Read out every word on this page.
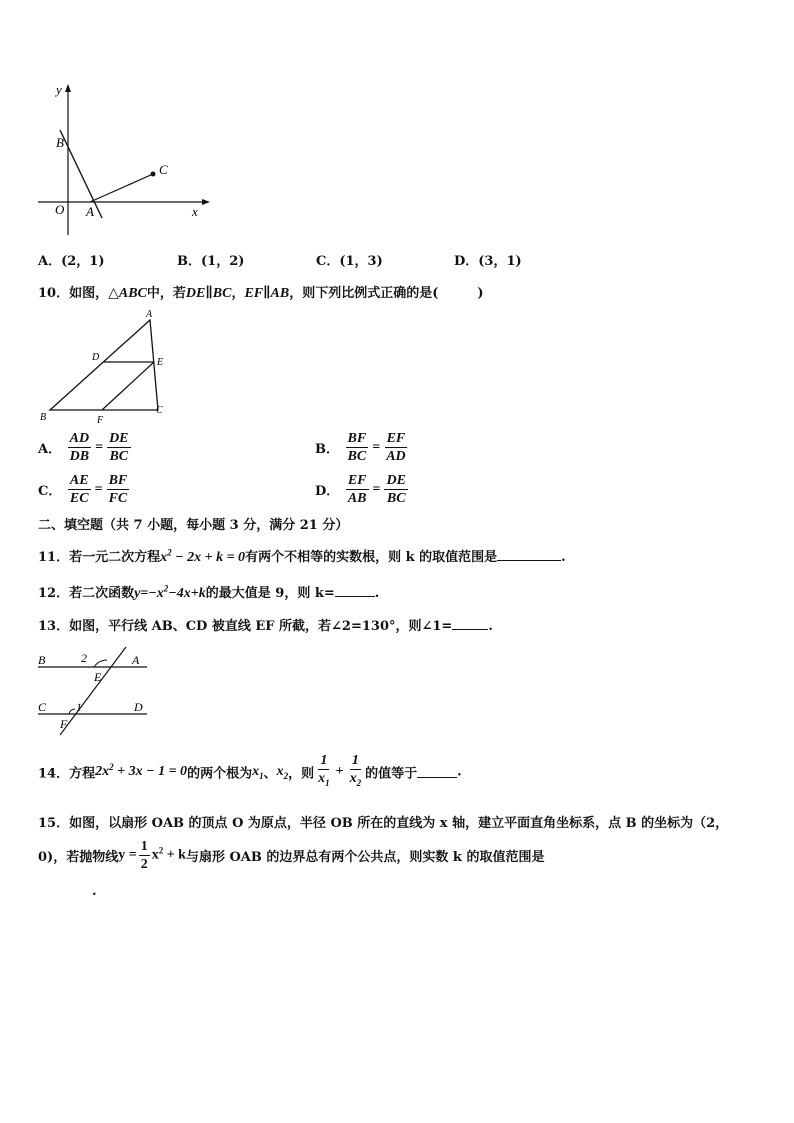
y
B
O A
C
x
A．(2，1)	B．(1，2)	C．(1，3)	D．(3，1)
10．如图，△ABC中，若DE∥BC，EF∥AB，则下列比例式正确的是(　　　)
A
D	E
B	F
C
A． $\frac{AD}{DB} = \frac{DE}{BC}$	B． $\frac{BF}{BC} = \frac{EF}{AD}$
C． $\frac{AE}{EC} = \frac{BF}{FC}$	D． $\frac{EF}{AB} = \frac{DE}{BC}$
二、填空题（共 7 小题，每小题 3 分，满分 21 分）
11．若一元二次方程$x^2 - 2x + k = 0$有两个不相等的实数根，则 k 的取值范围是	.
12．若二次函数$y=-x^2-4x+k$的最大值是 9，则 k=	.
13．如图，平行线 AB、CD 被直线 EF 所截，若∠2=130°，则∠1=	.
B	2	A
E
C 1	D
F
14．方程$2x^2 + 3x - 1 = 0$的两个根为$x_1$、$x_2$，则 $\frac{1}{x_1} + \frac{1}{x_2}$ 的值等于	.
15．如图，以扇形 OAB 的顶点 O 为原点，半径 OB 所在的直线为 x 轴，建立平面直角坐标系，点 B 的坐标为（2，
0)，若抛物线$y = \frac{1}{2} x^2 + k$与扇形 OAB 的边界总有两个公共点，则实数 k 的取值范围是
.
